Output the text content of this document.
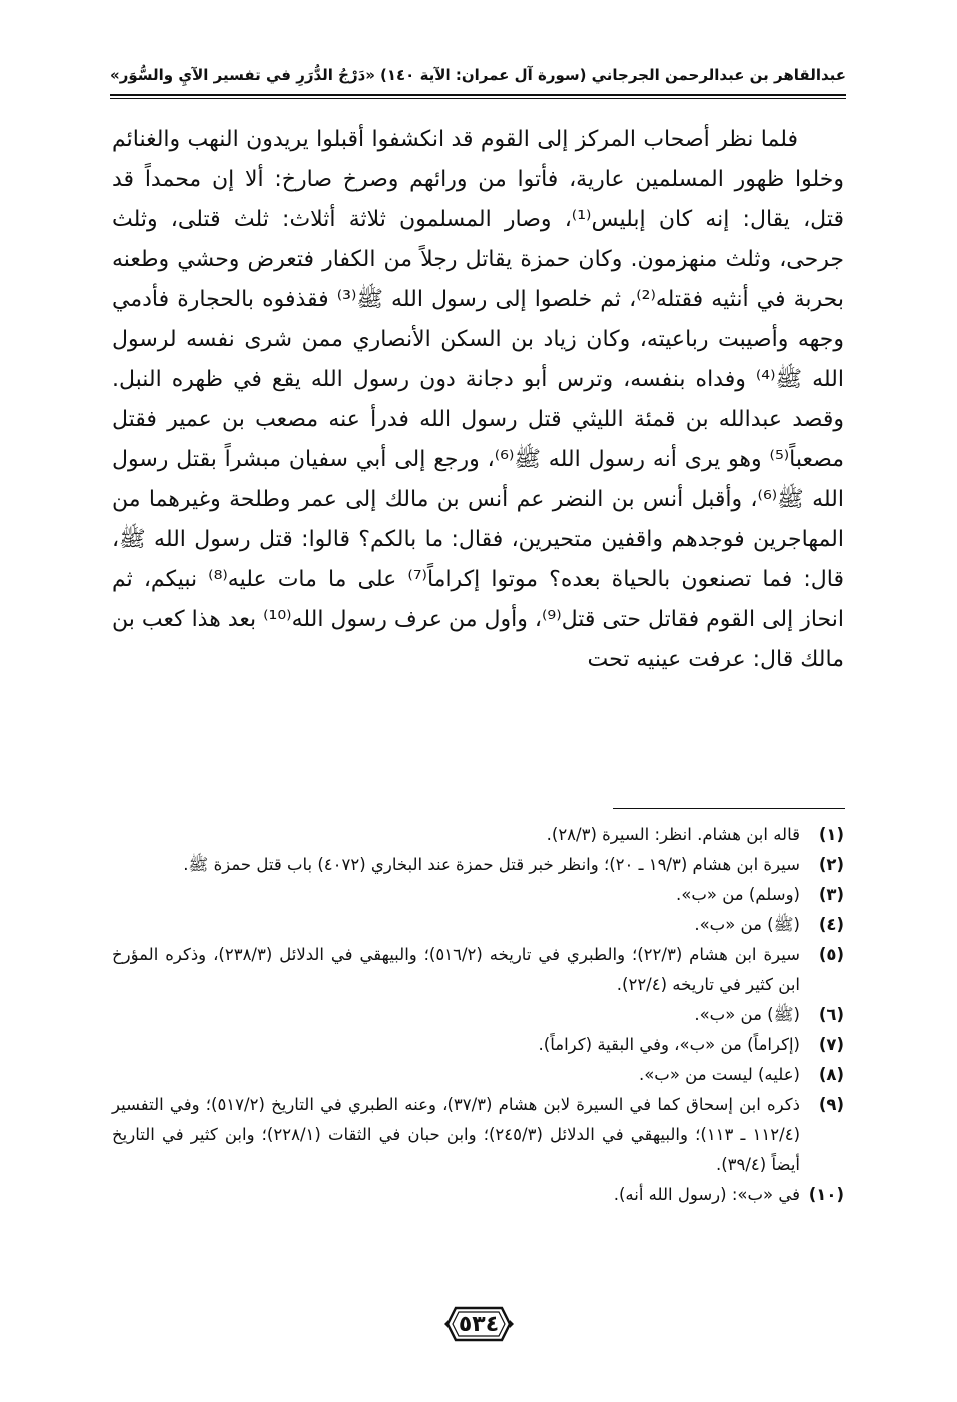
عبدالقاهر بن عبدالرحمن الجرجاني
(سورة آل عمران: الآية ١٤٠)
«دَرْجُ الدُّرَرِ في تفسير الآيِ والسُّوَر»

فلما نظر أصحاب المركز إلى القوم قد انكشفوا أقبلوا يريدون النهب والغنائم وخلوا ظهور المسلمين عارية، فأتوا من ورائهم وصرخ صارخ: ألا إن محمداً قد قتل، يقال: إنه كان إبليس⁽¹⁾، وصار المسلمون ثلاثة أثلاث: ثلث قتلى، وثلث جرحى، وثلث منهزمون. وكان حمزة يقاتل رجلاً من الكفار فتعرض وحشي وطعنه بحربة في أنثيه فقتله⁽²⁾، ثم خلصوا إلى رسول الله ﷺ⁽³⁾ فقذفوه بالحجارة فأدمي وجهه وأصيبت رباعيته، وكان زياد بن السكن الأنصاري ممن شرى نفسه لرسول الله ﷺ⁽⁴⁾ وفداه بنفسه، وترس أبو دجانة دون رسول الله يقع في ظهره النبل. وقصد عبدالله بن قمئة الليثي قتل رسول الله فدرأ عنه مصعب بن عمير فقتل مصعباً⁽⁵⁾ وهو يرى أنه رسول الله ﷺ⁽⁶⁾، ورجع إلى أبي سفيان مبشراً بقتل رسول الله ﷺ⁽⁶⁾، وأقبل أنس بن النضر عم أنس بن مالك إلى عمر وطلحة وغيرهما من المهاجرين فوجدهم واقفين متحيرين، فقال: ما بالكم؟ قالوا: قتل رسول الله ﷺ، قال: فما تصنعون بالحياة بعده؟ موتوا إكراماً⁽⁷⁾ على ما مات عليه⁽⁸⁾ نبيكم، ثم انحاز إلى القوم فقاتل حتى قتل⁽⁹⁾، وأول من عرف رسول الله⁽¹⁰⁾ بعد هذا كعب بن مالك قال: عرفت عينيه تحت

(١)
قاله ابن هشام. انظر: السيرة (٢٨/٣).
(٢)
سيرة ابن هشام (١٩/٣ ـ ٢٠)؛ وانظر خبر قتل حمزة عند البخاري (٤٠٧٢) باب قتل حمزة ﷺ.
(٣)
(وسلم) من «ب».
(٤)
(ﷺ) من «ب».
(٥)
سيرة ابن هشام (٢٢/٣)؛ والطبري في تاريخه (٥١٦/٢)؛ والبيهقي في الدلائل (٢٣٨/٣)، وذكره المؤرخ ابن كثير في تاريخه (٢٢/٤).
(٦)
(ﷺ) من «ب».
(٧)
(إكراماً) من «ب»، وفي البقية (كراماً).
(٨)
(عليه) ليست من «ب».
(٩)
ذكره ابن إسحاق كما في السيرة لابن هشام (٣٧/٣)، وعنه الطبري في التاريخ (٥١٧/٢)؛ وفي التفسير (١١٢/٤ ـ ١١٣)؛ والبيهقي في الدلائل (٢٤٥/٣)؛ وابن حبان في الثقات (٢٢٨/١)؛ وابن كثير في التاريخ أيضاً (٣٩/٤).
(١٠)
في «ب»: (رسول الله أنه).
٥٣٤
